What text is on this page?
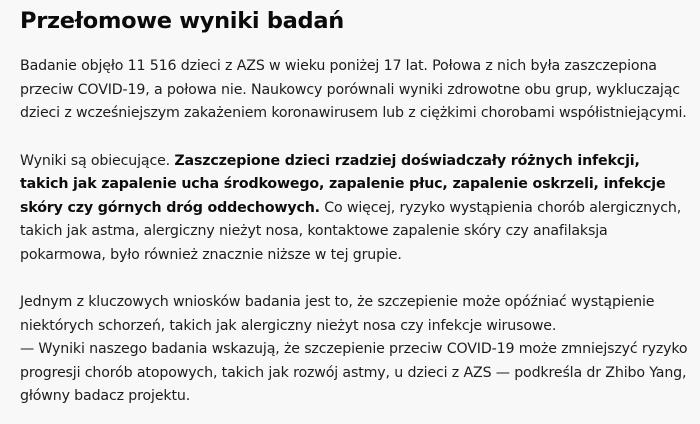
Przełomowe wyniki badań

Badanie objęło 11 516 dzieci z AZS w wieku poniżej 17 lat. Połowa z nich była zaszczepiona przeciw COVID-19, a połowa nie. Naukowcy porównali wyniki zdrowotne obu grup, wykluczając dzieci z wcześniejszym zakażeniem koronawirusem lub z ciężkimi chorobami współistniejącymi.

Wyniki są obiecujące. Zaszczepione dzieci rzadziej doświadczały różnych infekcji, takich jak zapalenie ucha środkowego, zapalenie płuc, zapalenie oskrzeli, infekcje skóry czy górnych dróg oddechowych. Co więcej, ryzyko wystąpienia chorób alergicznych, takich jak astma, alergiczny nieżyt nosa, kontaktowe zapalenie skóry czy anafilaksja pokarmowa, było również znacznie niższe w tej grupie.

Jednym z kluczowych wniosków badania jest to, że szczepienie może opóźniać wystąpienie niektórych schorzeń, takich jak alergiczny nieżyt nosa czy infekcje wirusowe.
— Wyniki naszego badania wskazują, że szczepienie przeciw COVID-19 może zmniejszyć ryzyko progresji chorób atopowych, takich jak rozwój astmy, u dzieci z AZS — podkreśla dr Zhibo Yang, główny badacz projektu.
